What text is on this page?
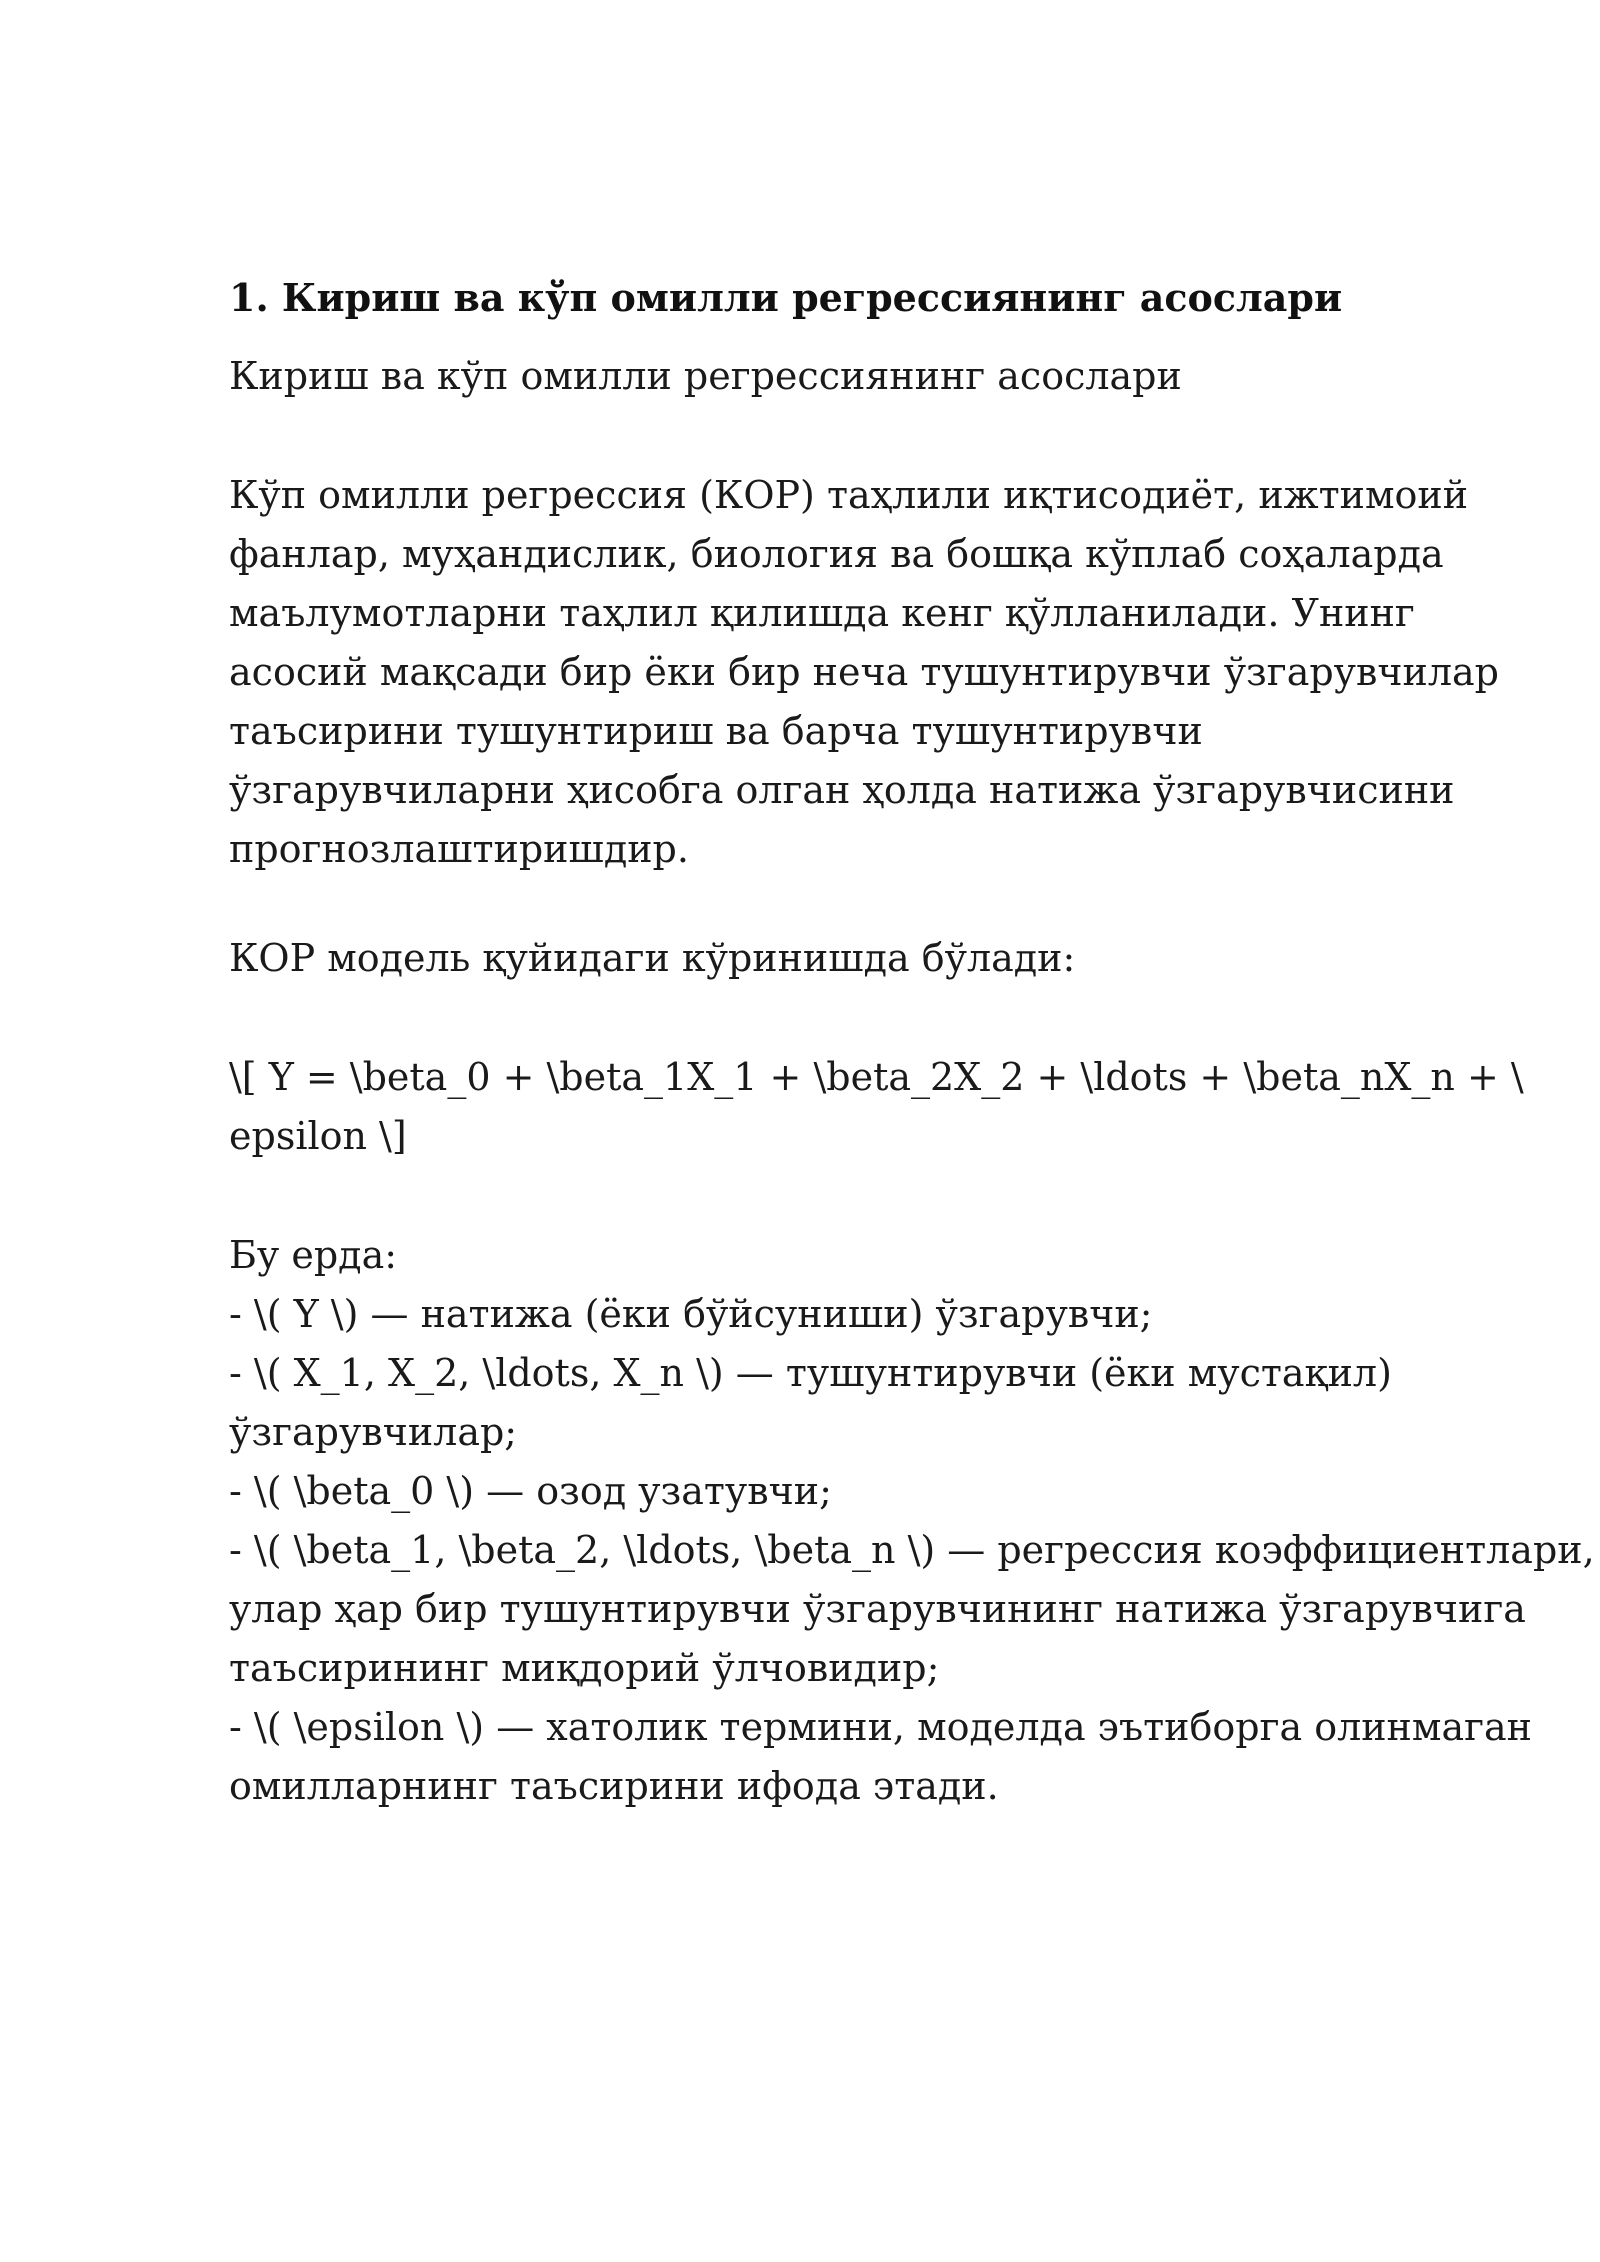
1. Кириш ва кўп омилли регрессиянинг асослари

Кириш ва кўп омилли регрессиянинг асослари

Кўп омилли регрессия (КОР) таҳлили иқтисодиёт, ижтимоий
фанлар, муҳандислик, биология ва бошқа кўплаб соҳаларда
маълумотларни таҳлил қилишда кенг қўлланилади. Унинг
асосий мақсади бир ёки бир неча тушунтирувчи ўзгарувчилар
таъсирини тушунтириш ва барча тушунтирувчи
ўзгарувчиларни ҳисобга олган ҳолда натижа ўзгарувчисини
прогнозлаштиришдир.

КОР модель қуйидаги кўринишда бўлади:

\[ Y = \beta_0 + \beta_1X_1 + \beta_2X_2 + \ldots + \beta_nX_n + \
epsilon \]

Бу ерда:
- \( Y \) — натижа (ёки бўйсуниши) ўзгарувчи;
- \( X_1, X_2, \ldots, X_n \) — тушунтирувчи (ёки мустақил)
ўзгарувчилар;
- \( \beta_0 \) — озод узатувчи;
- \( \beta_1, \beta_2, \ldots, \beta_n \) — регрессия коэффициентлари,
улар ҳар бир тушунтирувчи ўзгарувчининг натижа ўзгарувчига
таъсирининг миқдорий ўлчовидир;
- \( \epsilon \) — хатолик термини, моделда эътиборга олинмаган
омилларнинг таъсирини ифода этади.
